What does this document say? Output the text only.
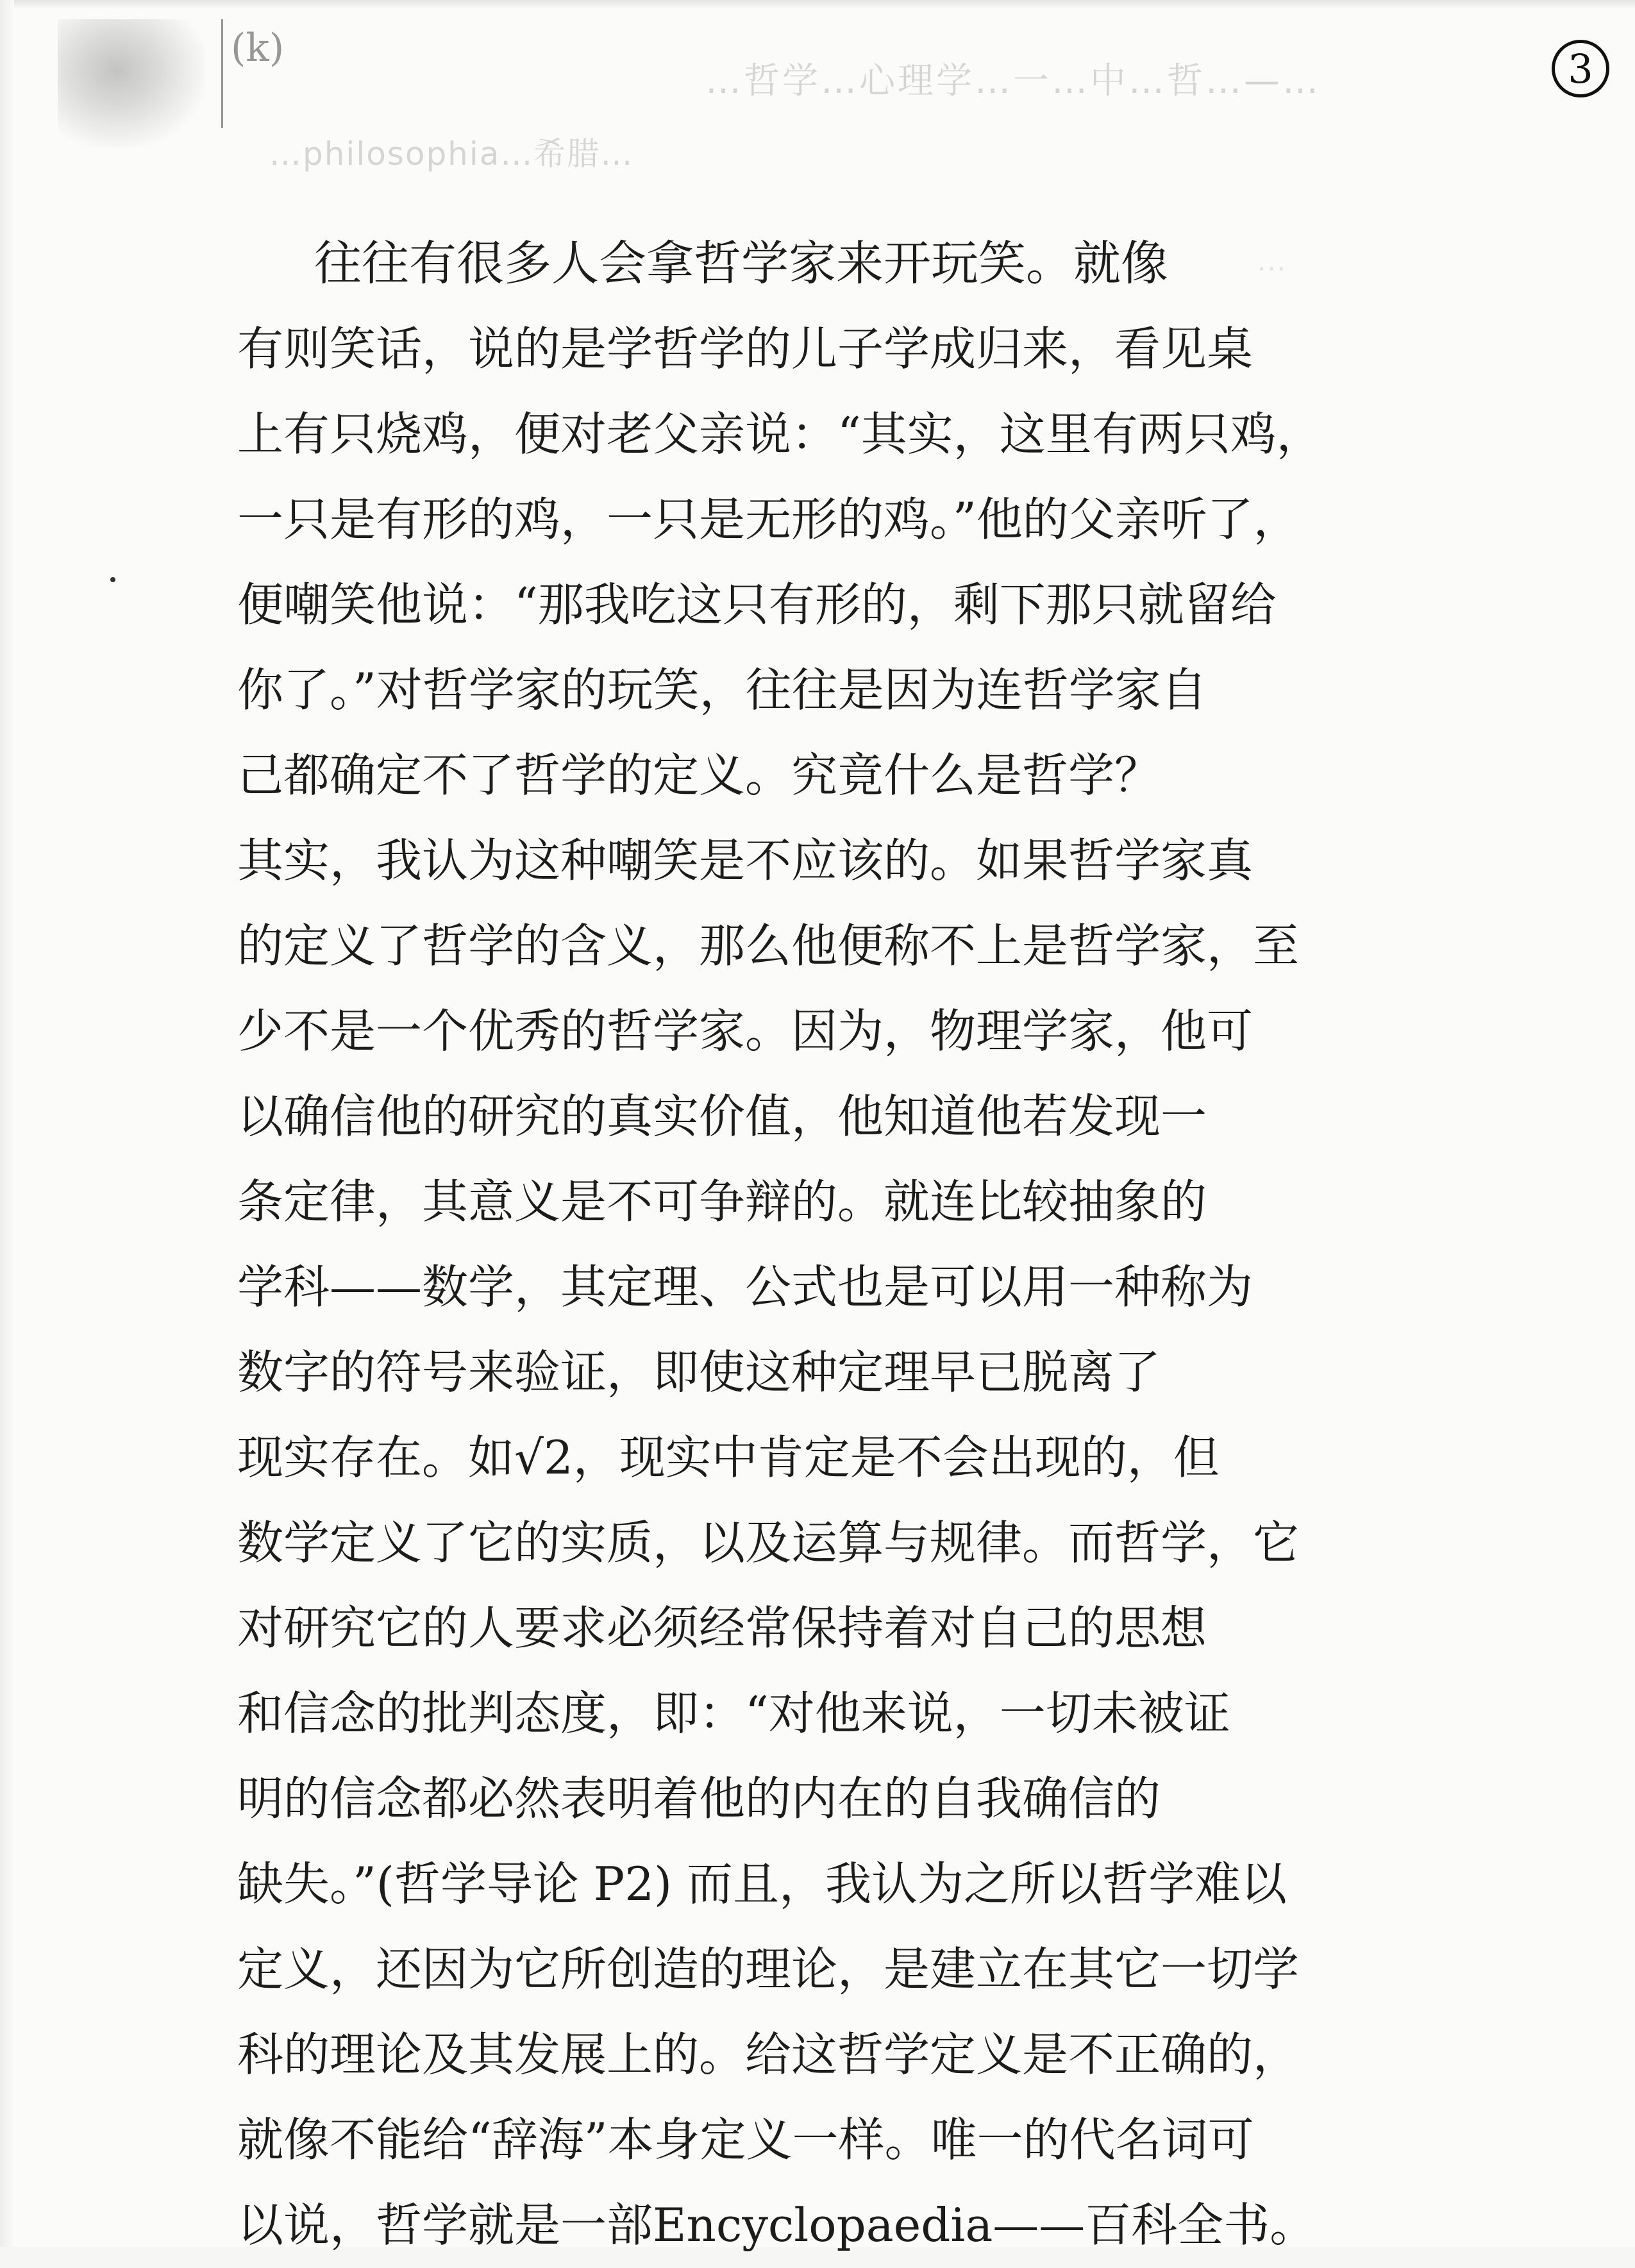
(k)	3
…哲学…心理学…一…中…哲…—…
…philosophia…希腊…
…
往往有很多人会拿哲学家来开玩笑。就像
有则笑话，说的是学哲学的儿子学成归来，看见桌
上有只烧鸡，便对老父亲说：“其实，这里有两只鸡，
一只是有形的鸡，一只是无形的鸡。”他的父亲听了，
便嘲笑他说：“那我吃这只有形的，剩下那只就留给
你了。”对哲学家的玩笑，往往是因为连哲学家自
己都确定不了哲学的定义。究竟什么是哲学？
其实，我认为这种嘲笑是不应该的。如果哲学家真
的定义了哲学的含义，那么他便称不上是哲学家，至
少不是一个优秀的哲学家。因为，物理学家，他可
以确信他的研究的真实价值，他知道他若发现一
条定律，其意义是不可争辩的。就连比较抽象的
学科——数学，其定理、公式也是可以用一种称为
数字的符号来验证，即使这种定理早已脱离了
现实存在。如√2，现实中肯定是不会出现的，但
数学定义了它的实质，以及运算与规律。而哲学，它
对研究它的人要求必须经常保持着对自己的思想
和信念的批判态度，即：“对他来说，一切未被证
明的信念都必然表明着他的内在的自我确信的
缺失。”(哲学导论 P2) 而且，我认为之所以哲学难以
定义，还因为它所创造的理论，是建立在其它一切学
科的理论及其发展上的。给这哲学定义是不正确的，
就像不能给“辞海”本身定义一样。唯一的代名词可
以说，哲学就是一部Encyclopaedia——百科全书。
